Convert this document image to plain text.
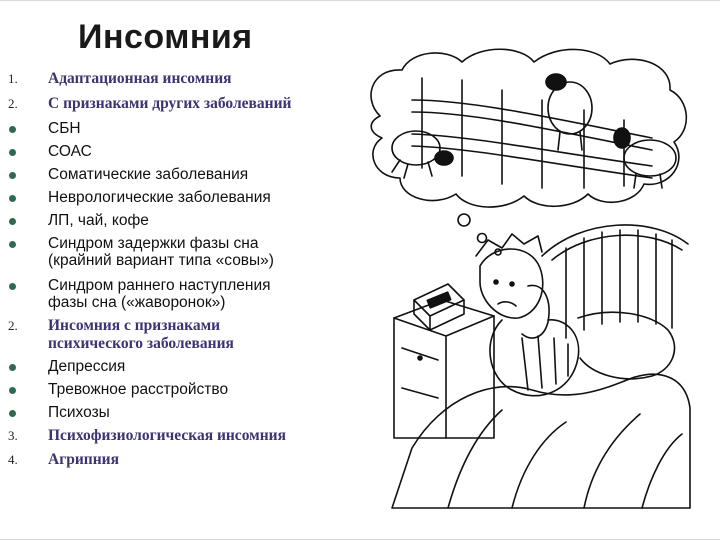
Инсомния
1.	Адаптационная инсомния
2.	С признаками других заболеваний
СБН
СОАС
Соматические заболевания
Неврологические заболевания
ЛП, чай, кофе
Синдром задержки фазы сна
(крайний вариант типа «совы»)
Синдром раннего наступления
фазы сна («жаворонок»)
2.	Инсомния с признаками
психического заболевания
Депрессия
Тревожное расстройство
Психозы
3.	Психофизиологическая инсомния
4.	Агрипния
